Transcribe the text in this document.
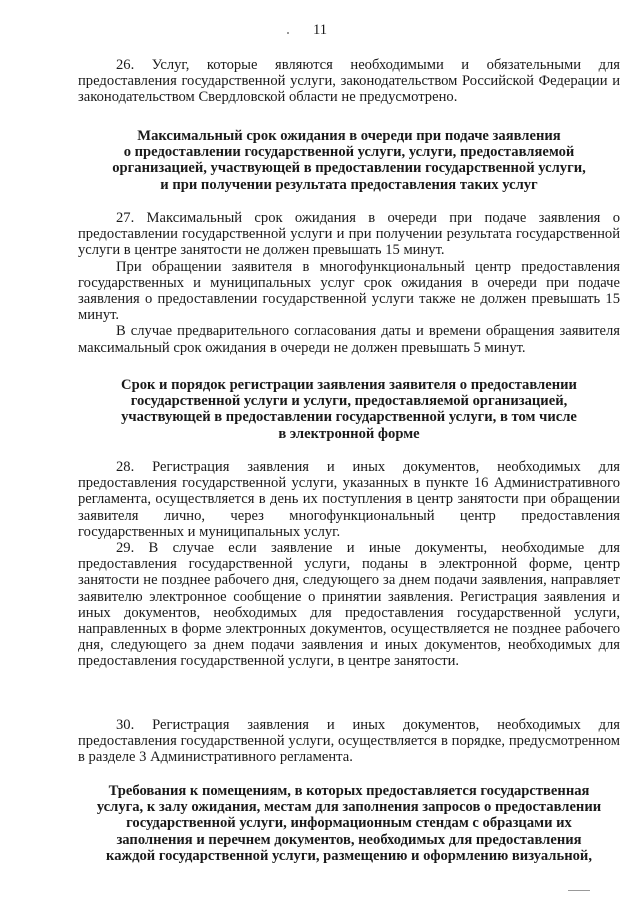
11

26. Услуг, которые являются необходимыми и обязательными для предоставления государственной услуги, законодательством Российской Федерации и законодательством Свердловской области не предусмотрено.

Максимальный срок ожидания в очереди при подаче заявления
о предоставлении государственной услуги, услуги, предоставляемой
организацией, участвующей в предоставлении государственной услуги,
и при получении результата предоставления таких услуг

27. Максимальный срок ожидания в очереди при подаче заявления о предоставлении государственной услуги и при получении результата государственной услуги в центре занятости не должен превышать 15 минут.

При обращении заявителя в многофункциональный центр предоставления государственных и муниципальных услуг срок ожидания в очереди при подаче заявления о предоставлении государственной услуги также не должен превышать 15 минут.

В случае предварительного согласования даты и времени обращения заявителя максимальный срок ожидания в очереди не должен превышать 5 минут.

Срок и порядок регистрации заявления заявителя о предоставлении
государственной услуги и услуги, предоставляемой организацией,
участвующей в предоставлении государственной услуги, в том числе
в электронной форме

28. Регистрация заявления и иных документов, необходимых для предоставления государственной услуги, указанных в пункте 16 Административного регламента, осуществляется в день их поступления в центр занятости при обращении заявителя лично, через многофункциональный центр предоставления государственных и муниципальных услуг.

29. В случае если заявление и иные документы, необходимые для предоставления государственной услуги, поданы в электронной форме, центр занятости не позднее рабочего дня, следующего за днем подачи заявления, направляет заявителю электронное сообщение о принятии заявления. Регистрация заявления и иных документов, необходимых для предоставления государственной услуги, направленных в форме электронных документов, осуществляется не позднее рабочего дня, следующего за днем подачи заявления и иных документов, необходимых для предоставления государственной услуги, в центре занятости.

30. Регистрация заявления и иных документов, необходимых для предоставления государственной услуги, осуществляется в порядке, предусмотренном в разделе 3 Административного регламента.

Требования к помещениям, в которых предоставляется государственная
услуга, к залу ожидания, местам для заполнения запросов о предоставлении
государственной услуги, информационным стендам с образцами их
заполнения и перечнем документов, необходимых для предоставления
каждой государственной услуги, размещению и оформлению визуальной,
